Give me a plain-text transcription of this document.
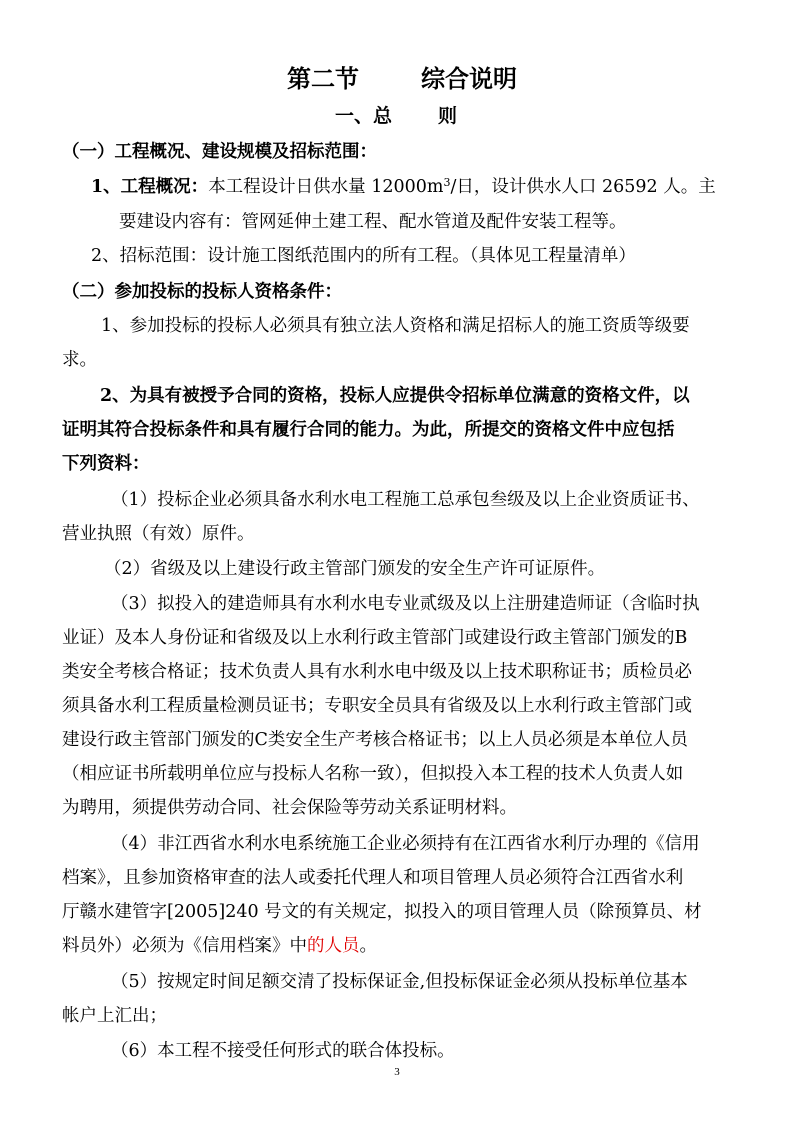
第二节	综合说明
一、总 则
（一）工程概况、建设规模及招标范围：
1、工程概况：本工程设计日供水量 $12000m^3/$日，设计供水人口 26592 人。主
要建设内容有：管网延伸土建工程、配水管道及配件安装工程等。
2、招标范围：设计施工图纸范围内的所有工程。（具体见工程量清单）
（二）参加投标的投标人资格条件：
1、参加投标的投标人必须具有独立法人资格和满足招标人的施工资质等级要
求。
2、为具有被授予合同的资格，投标人应提供令招标单位满意的资格文件，以
证明其符合投标条件和具有履行合同的能力。为此，所提交的资格文件中应包括
下列资料：
（1）投标企业必须具备水利水电工程施工总承包叁级及以上企业资质证书、
营业执照（有效）原件。
（2）省级及以上建设行政主管部门颁发的安全生产许可证原件。
（3）拟投入的建造师具有水利水电专业贰级及以上注册建造师证（含临时执
业证）及本人身份证和省级及以上水利行政主管部门或建设行政主管部门颁发的B
类安全考核合格证；技术负责人具有水利水电中级及以上技术职称证书；质检员必
须具备水利工程质量检测员证书；专职安全员具有省级及以上水利行政主管部门或
建设行政主管部门颁发的C类安全生产考核合格证书；以上人员必须是本单位人员
（相应证书所载明单位应与投标人名称一致），但拟投入本工程的技术人负责人如
为聘用，须提供劳动合同、社会保险等劳动关系证明材料。
（4）非江西省水利水电系统施工企业必须持有在江西省水利厅办理的《信用
档案》，且参加资格审查的法人或委托代理人和项目管理人员必须符合江西省水利
厅赣水建管字[2005]240 号文的有关规定，拟投入的项目管理人员（除预算员、材
料员外）必须为《信用档案》中的人员。
（5）按规定时间足额交清了投标保证金,但投标保证金必须从投标单位基本
帐户上汇出；
（6）本工程不接受任何形式的联合体投标。
3
